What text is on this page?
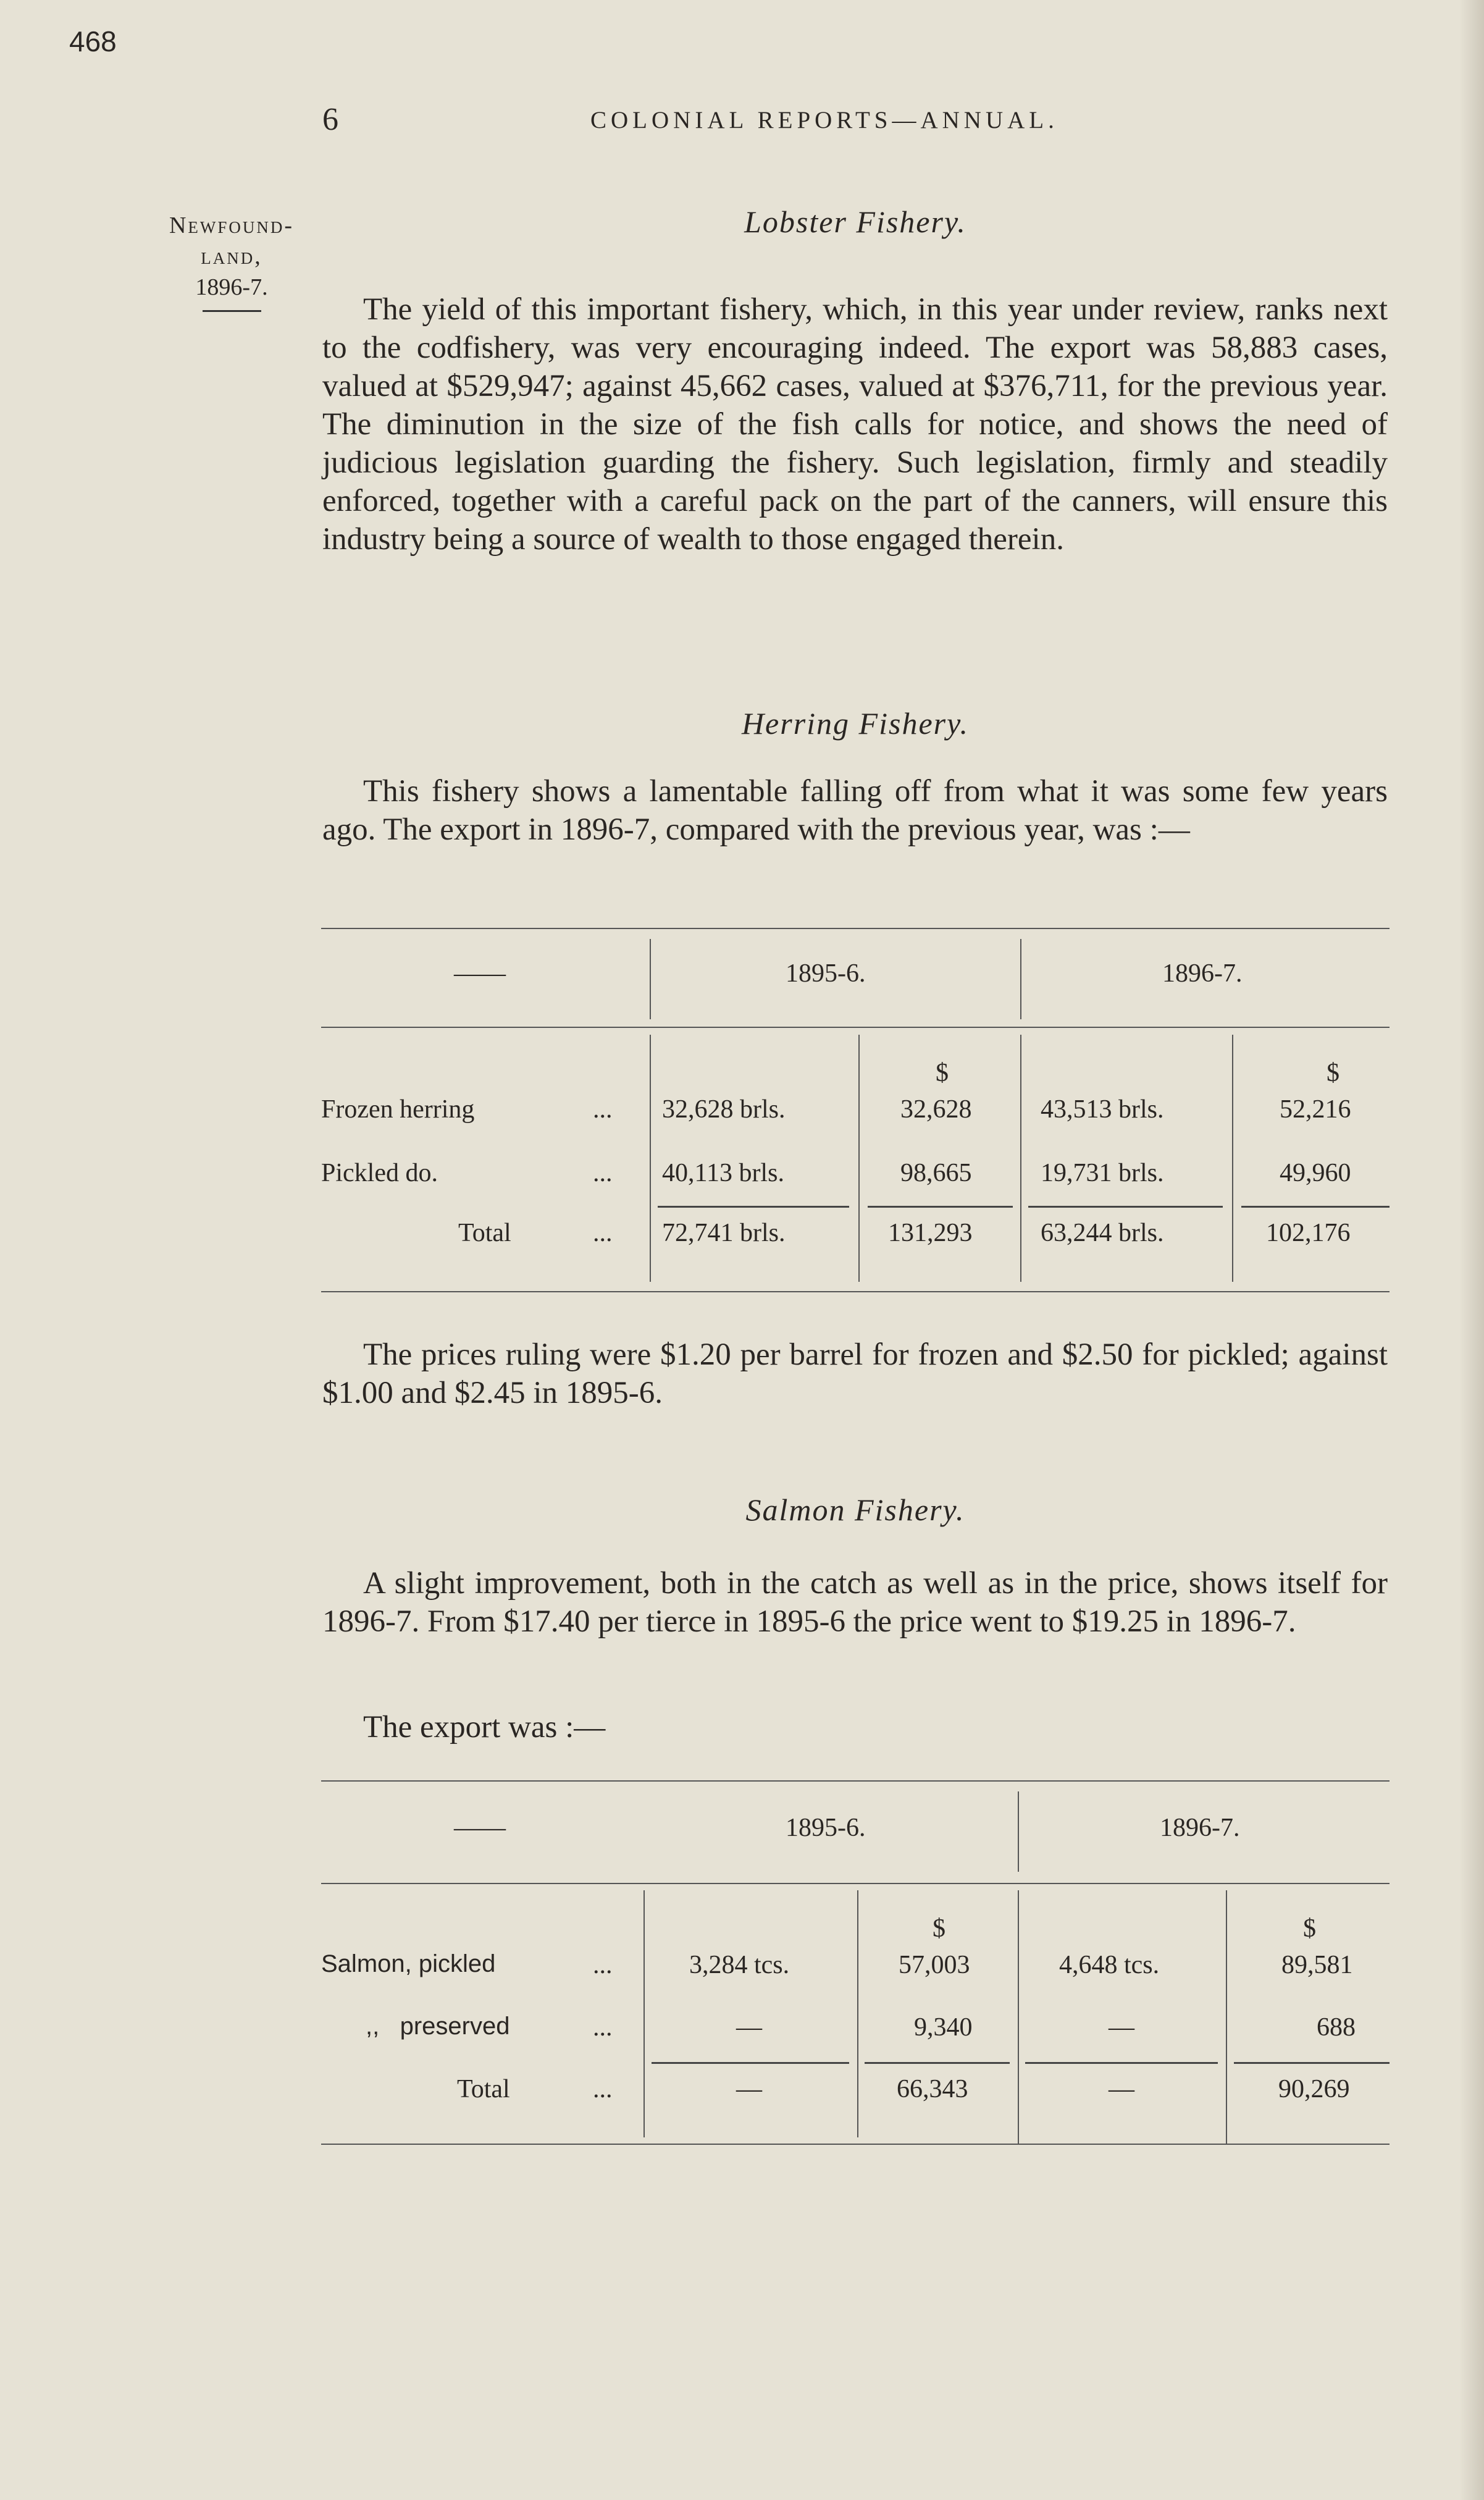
468
6	COLONIAL REPORTS—ANNUAL.
Newfound-
land,
1896-7.
Lobster Fishery.
The yield of this important fishery, which, in this year under review, ranks next to the codfishery, was very encouraging indeed. The export was 58,883 cases, valued at $529,947; against 45,662 cases, valued at $376,711, for the previous year. The diminution in the size of the fish calls for notice, and shows the need of judicious legislation guarding the fishery. Such legislation, firmly and steadily enforced, together with a careful pack on the part of the canners, will ensure this industry being a source of wealth to those engaged therein.
Herring Fishery.
This fishery shows a lamentable falling off from what it was some few years ago. The export in 1896-7, compared with the previous year, was :—
——	1895-6.	1896-7.
$	$
Frozen herring	... 32,628 brls.	32,628	43,513 brls.	52,216
Pickled do.	... 40,113 brls.	98,665	19,731 brls.	49,960
Total	... 72,741 brls.	131,293	63,244 brls.	102,176
The prices ruling were $1.20 per barrel for frozen and $2.50 for pickled; against $1.00 and $2.45 in 1895-6.
Salmon Fishery.
A slight improvement, both in the catch as well as in the price, shows itself for 1896-7. From $17.40 per tierce in 1895-6 the price went to $19.25 in 1896-7.
The export was :—
——	1895-6.	1896-7.
$	$
Salmon, pickled	...	3,284 tcs.	57,003	4,648 tcs.	89,581
,,   preserved	...	—	9,340	—	688
Total	...	—	66,343	—	90,269
